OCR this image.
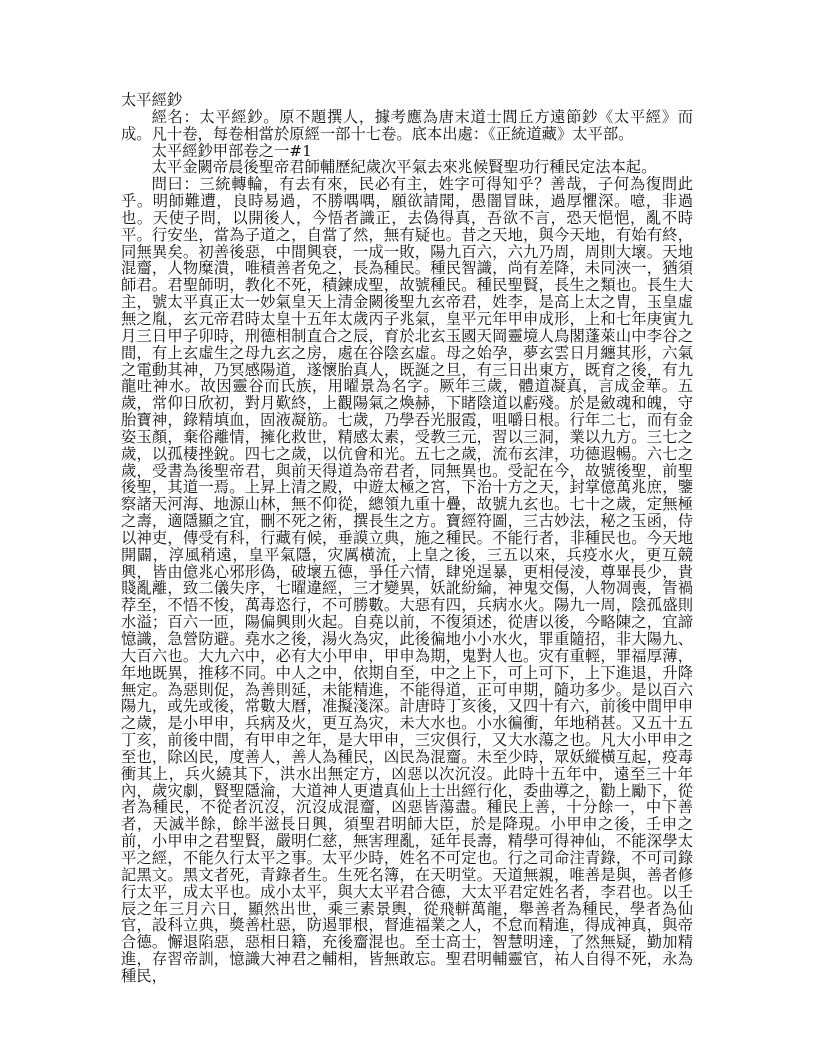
太平經鈔

經名：太平經鈔。原不題撰人，據考應為唐末道士閭丘方遠節鈔《太平經》而成。凡十卷，每卷相當於原經一部十七卷。底本出處：《正統道藏》太平部。

太平經鈔甲部卷之一#1

太平金闕帝晨後聖帝君師輔歷紀歲次平氣去來兆候賢聖功行種民定法本起。

問曰：三統轉輪，有去有來，民必有主，姓字可得知乎？善哉，子何為復問此乎。明師難遭，良時易過，不勝喁喁，願欲請聞，愚闇冒昧，過厚懼深。噫，非過也。天使子問，以開後人，今悟者識正，去偽得真，吾欲不言，恐天悒悒，亂不時平。行安坐，當為子道之，自當了然，無有疑也。昔之天地，與今天地，有始有終，同無異矣。初善後惡，中間興衰，一成一敗，陽九百六，六九乃周，周則大壞。天地混齏，人物糜潰，唯積善者免之，長為種民。種民智識，尚有差降，未同浹一，猶須師君。君聖師明，教化不死，積鍊成聖，故號種民。種民聖賢，長生之類也。長生大主，號太平真正太一妙氣皇天上清金闕後聖九玄帝君，姓李，是高上太之胄，玉皇虛無之胤，玄元帝君時太皇十五年太歲丙子兆氣，皇平元年甲申成形，上和七年庚寅九月三日甲子卯時，刑德相制直合之辰，育於北玄玉國天岡靈境人鳥閣蓬萊山中李谷之間，有上玄虛生之母九玄之房，處在谷陰玄虛。母之始孕，夢玄雲日月纏其形，六氣之電動其神，乃冥感陽道，遂懷胎真人，既誕之旦，有三日出東方，既育之後，有九龍吐神水。故因靈谷而氏族，用曜景為名字。厥年三歲，體道凝真，言成金華。五歲，常仰日欣初，對月歎終，上觀陽氣之煥赫，下睹陰道以虧殘。於是斂魂和魄，守胎寶神，錄精填血，固液凝筋。七歲，乃學吞光服霞，咀嚼日根。行年二七，而有金姿玉顏，棄俗離情，擁化救世，精感太素，受教三元，習以三洞，業以九方。三七之歲，以孤棲挫銳。四七之歲，以伉會和光。五七之歲，流布玄津，功德遐暢。六七之歲，受書為後聖帝君，與前天得道為帝君者，同無異也。受記在今，故號後聖，前聖後聖，其道一焉。上昇上清之殿，中遊太極之宮，下治十方之天，封掌億萬兆庶，鑒察諸天河海、地源山林，無不仰從，總領九重十疊，故號九玄也。七十之歲，定無極之壽，適隱顯之宜，刪不死之術，撰長生之方。寶經符圖，三古妙法，秘之玉函，侍以神吏，傳受有科，行藏有候，垂謨立典，施之種民。不能行者，非種民也。今天地開闢，淳風稍遠，皇平氣隱，灾厲橫流，上皇之後，三五以來，兵疫水火，更互競興，皆由億兆心邪形偽，破壞五德，爭任六情，肆兇逞暴，更相侵淩，尊畢長少，貴賤亂離，致二儀失序，七曜違經，三才變異，妖訛紛綸，神鬼交傷，人物凋喪，眚禍荐至，不悟不悛，萬毒恣行，不可勝數。大惡有四，兵病水火。陽九一周，陰孤盛則水溢；百六一匝，陽偏興則火起。自堯以前，不復須述，從唐以後，今略陳之，宜諦憶識，急營防避。堯水之後，湯火為灾，此後徧地小小水火，罪重隨招，非大陽九、大百六也。大九六中，必有大小甲申，甲申為期，鬼對人也。灾有重輕，罪福厚薄，年地既異，推移不同。中人之中，依期自至，中之上下，可上可下，上下進退，升降無定。為惡則促，為善則延，未能精進，不能得道，正可申期，隨功多少。是以百六陽九，或先或後，常數大曆，准擬淺深。計唐時丁亥後，又四十有六，前後中間甲申之歲，是小甲申，兵病及火，更互為灾，未大水也。小水徧衝，年地稍甚。又五十五丁亥，前後中間，有甲申之年，是大甲申，三灾俱行，又大水蕩之也。凡大小甲申之至也，除凶民，度善人，善人為種民，凶民為混齏。未至少時，眾妖縱橫互起，疫毒衝其上，兵火繞其下，洪水出無定方，凶惡以次沉沒。此時十五年中，遠至三十年內，歲灾劇，賢聖隱淪，大道神人更遣真仙上士出經行化，委曲導之，勸上勵下，從者為種民，不從者沉沒，沉沒成混齏，凶惡皆蕩盡。種民上善，十分餘一，中下善者，天滅半餘，餘半滋長日興，須聖君明師大臣，於是降現。小甲申之後，壬申之前，小甲申之君聖賢，嚴明仁慈，無害理亂，延年長壽，精學可得神仙，不能深學太平之經，不能久行太平之事。太平少時，姓名不可定也。行之司命注青錄，不可司錄記黑文。黑文者死，青錄者生。生死名簿，在天明堂。天道無親，唯善是與，善者修行太平，成太平也。成小太平，與大太平君合德，大太平君定姓名者，李君也。以壬辰之年三月六日，顯然出世，乘三素景輿，從飛軿萬龍，舉善者為種民，學者為仙官，設科立典，獎善杜惡，防遏罪根，督進福業之人，不怠而精進，得成神真，與帝合德。懈退陷惡，惡相日籍，充後齏混也。至士高士，智慧明達，了然無疑，勤加精進，存習帝訓，憶識大神君之輔相，皆無敢忘。聖君明輔靈官，祐人自得不死，永為種民，
